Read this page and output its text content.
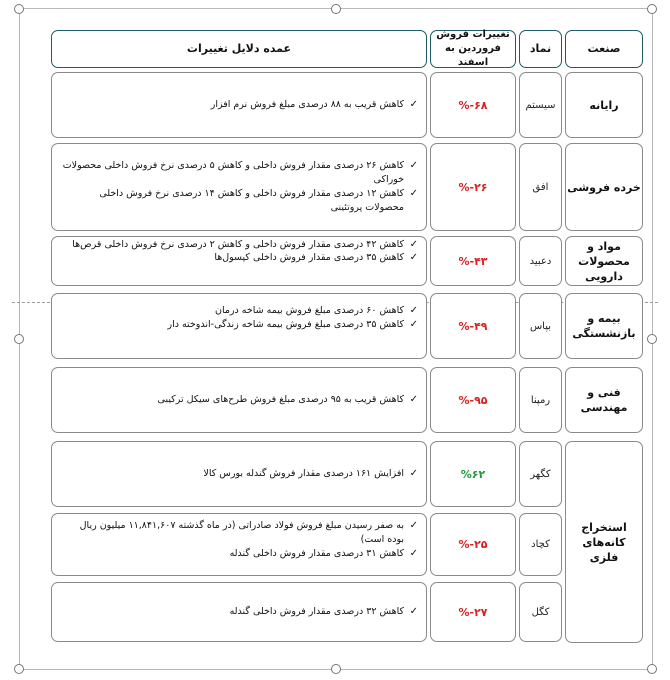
صنعت
نماد
تغییرات فروش فروردین به اسفند
عمده دلایل تغییرات
رایانه
سیستم
%-۶۸
✓
کاهش قریب به ۸۸ درصدی مبلغ فروش نرم افزار
خرده فروشی
افق
%-۲۶
✓
کاهش ۲۶ درصدی مقدار فروش داخلی و کاهش ۵ درصدی نرخ فروش داخلی محصولات خوراکی
✓
کاهش ۱۲ درصدی مقدار فروش داخلی و کاهش ۱۴ درصدی نرخ فروش داخلی محصولات پروتئینی
مواد و محصولات دارویی
دعبید
%-۴۳
✓
کاهش ۴۲ درصدی مقدار فروش داخلی و کاهش ۲ درصدی نرخ فروش داخلی قرص‌ها
✓
کاهش ۳۵ درصدی مقدار فروش داخلی کپسول‌ها
بیمه و بازنشستگی
بپاس
%-۴۹
✓
کاهش ۶۰ درصدی مبلغ فروش بیمه شاخه درمان
✓
کاهش ۳۵ درصدی مبلغ فروش بیمه شاخه زندگی-اندوخته دار
فنی و مهندسی
رمپنا
%-۹۵
✓
کاهش قریب به ۹۵ درصدی مبلغ فروش طرح‌های سیکل ترکیبی
استخراج کانه‌های فلزی
کگهر
%۶۲
✓
افزایش ۱۶۱ درصدی مقدار فروش گندله بورس کالا
کچاد
%-۲۵
✓
به صفر رسیدن مبلغ فروش فولاد صادراتی (در ماه گذشته ۱۱,۸۴۱,۶۰۷ میلیون ریال بوده است)
✓
کاهش ۳۱ درصدی مقدار فروش داخلی گندله
کگل
%-۲۷
✓
کاهش ۳۲ درصدی مقدار فروش داخلی گندله
